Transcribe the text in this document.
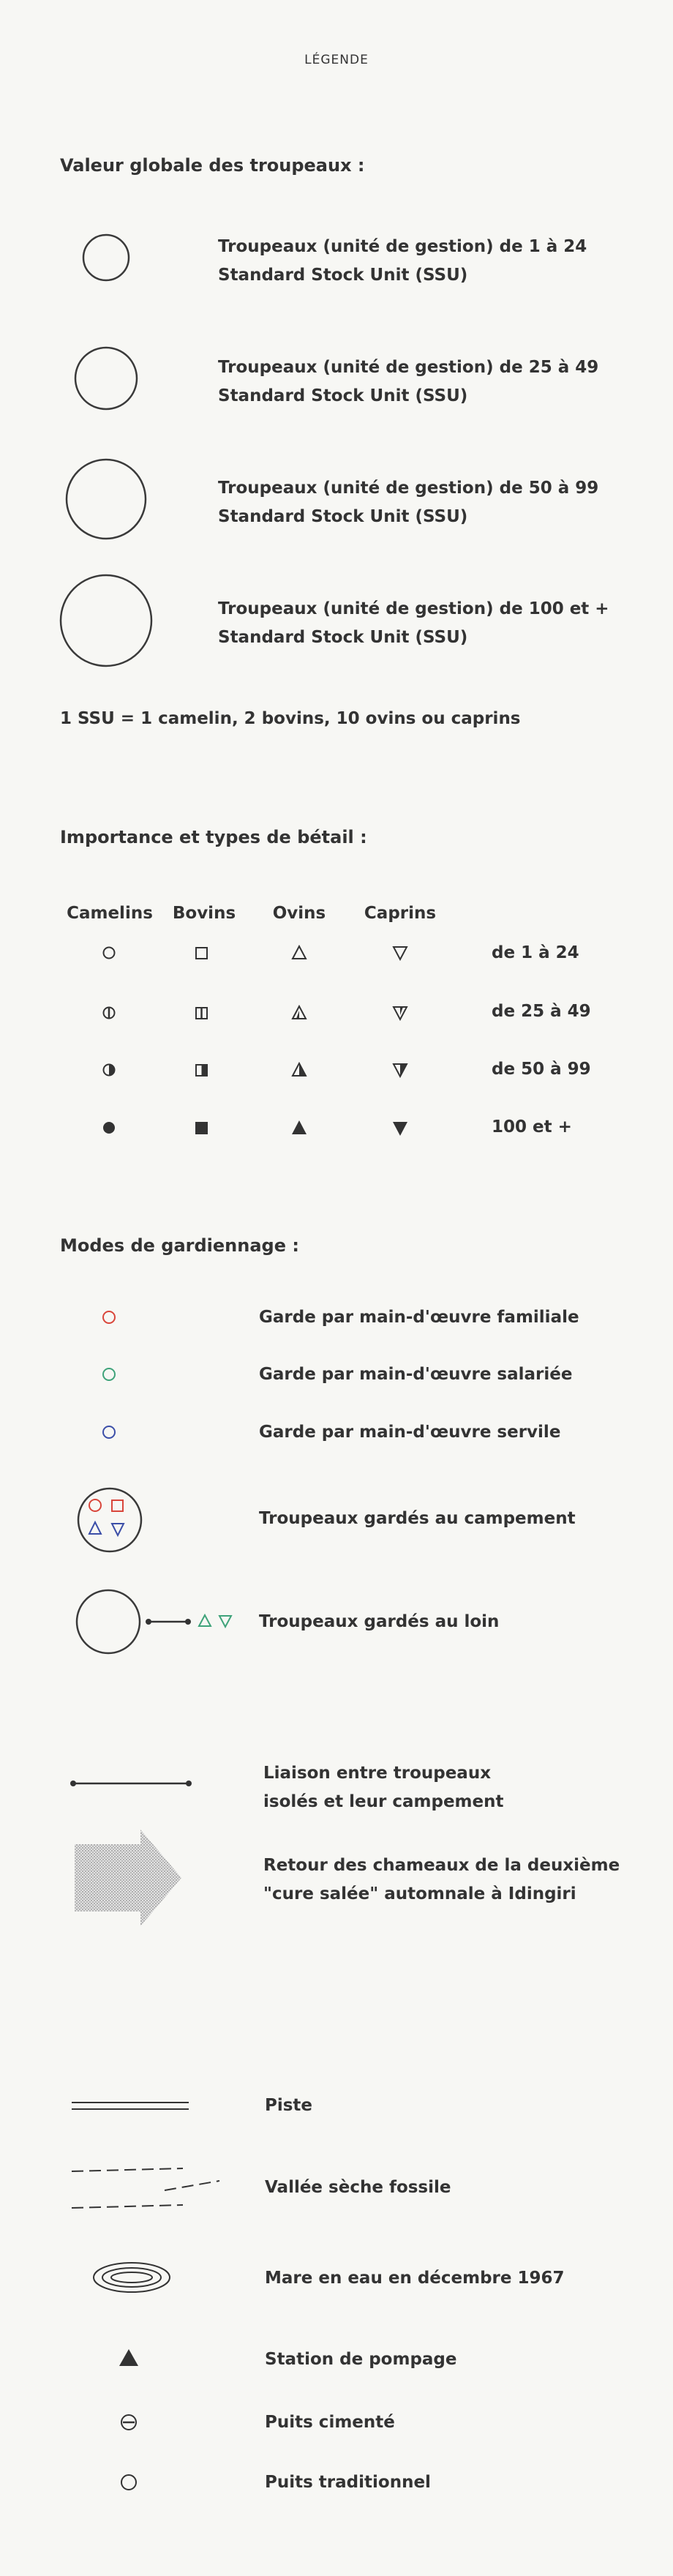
LÉGENDE
Valeur globale des troupeaux :
Troupeaux (unité de gestion) de 1 à 24
Standard Stock Unit (SSU)
Troupeaux (unité de gestion) de 25 à 49
Standard Stock Unit (SSU)
Troupeaux (unité de gestion) de 50 à 99
Standard Stock Unit (SSU)
Troupeaux (unité de gestion) de 100 et +
Standard Stock Unit (SSU)
1 SSU = 1 camelin, 2 bovins, 10 ovins ou caprins
Importance et types de bétail :
Camelins	Bovins	Ovins	Caprins
de 1 à 24
de 25 à 49
de 50 à 99
100 et +
Modes de gardiennage :
Garde par main-d'œuvre familiale
Garde par main-d'œuvre salariée
Garde par main-d'œuvre servile
Troupeaux gardés au campement
Troupeaux gardés au loin
Liaison entre troupeaux
isolés et leur campement
Retour des chameaux de la deuxième
"cure salée" automnale à Idingiri
Piste
Vallée sèche fossile
Mare en eau en décembre 1967
Station de pompage
Puits cimenté
Puits traditionnel
